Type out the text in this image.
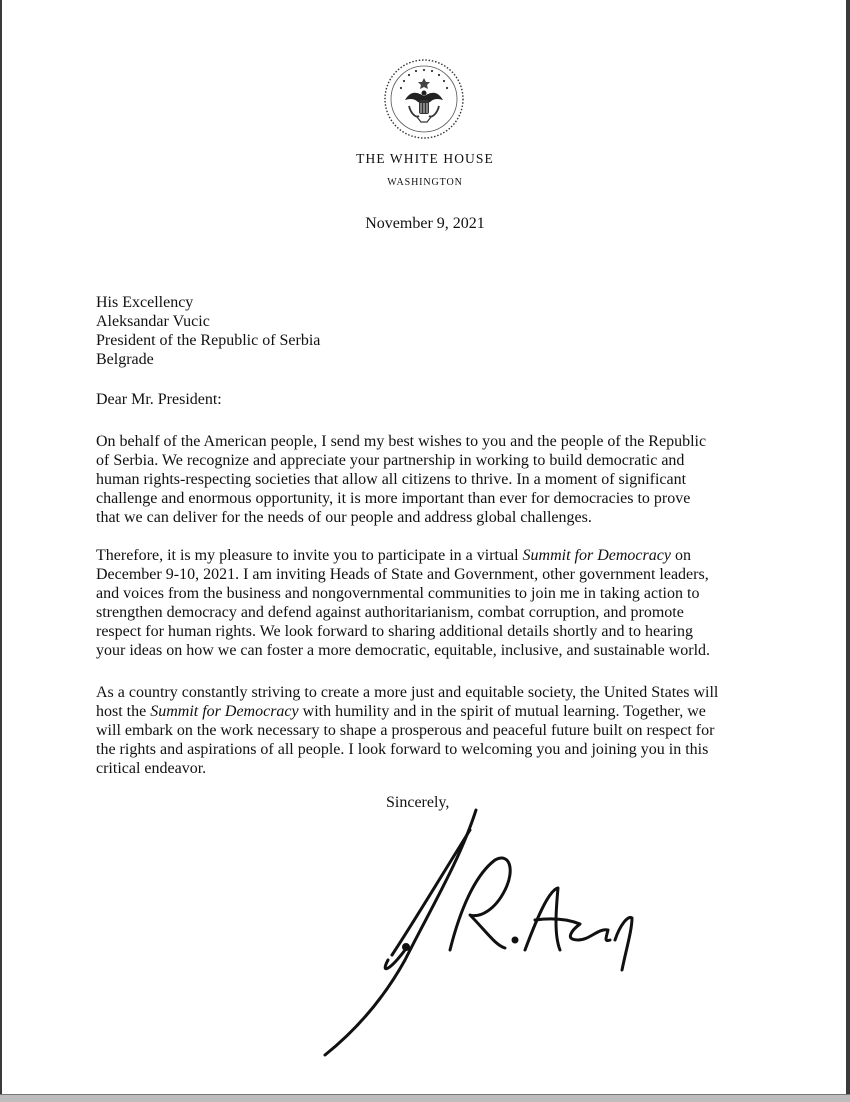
THE WHITE HOUSE
WASHINGTON
November 9, 2021
His Excellency
Aleksandar Vucic
President of the Republic of Serbia
Belgrade
Dear Mr. President:
On behalf of the American people, I send my best wishes to you and the people of the Republic
of Serbia. We recognize and appreciate your partnership in working to build democratic and
human rights-respecting societies that allow all citizens to thrive. In a moment of significant
challenge and enormous opportunity, it is more important than ever for democracies to prove
that we can deliver for the needs of our people and address global challenges.
Therefore, it is my pleasure to invite you to participate in a virtual Summit for Democracy on
December 9-10, 2021. I am inviting Heads of State and Government, other government leaders,
and voices from the business and nongovernmental communities to join me in taking action to
strengthen democracy and defend against authoritarianism, combat corruption, and promote
respect for human rights. We look forward to sharing additional details shortly and to hearing
your ideas on how we can foster a more democratic, equitable, inclusive, and sustainable world.
As a country constantly striving to create a more just and equitable society, the United States will
host the Summit for Democracy with humility and in the spirit of mutual learning. Together, we
will embark on the work necessary to shape a prosperous and peaceful future built on respect for
the rights and aspirations of all people. I look forward to welcoming you and joining you in this
critical endeavor.
Sincerely,
